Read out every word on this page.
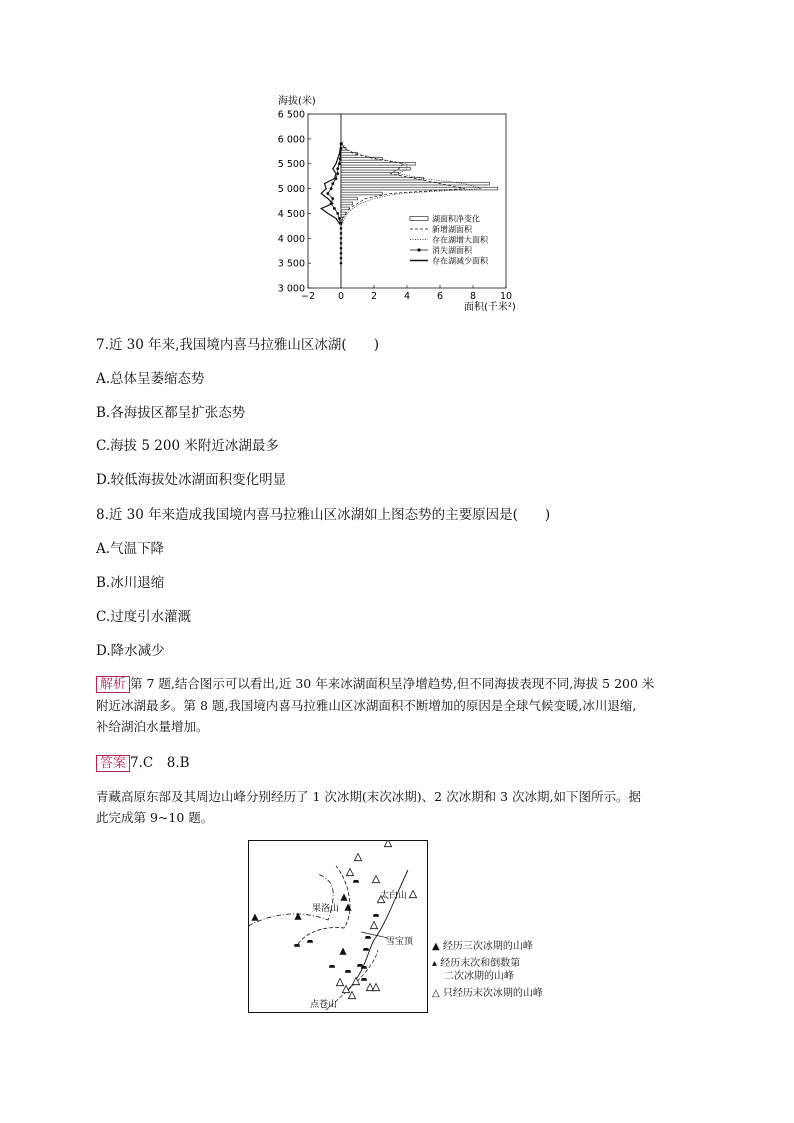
海拔(米)
面积(千米²)
3 000
3 500
4 000
4 500
5 000
5 500
6 000
6 500
−2 0	2	4	6	8	10
湖面积净变化
新增湖面积
存在湖增大面积
消失湖面积
存在湖减少面积
7.近 30 年来,我国境内喜马拉雅山区冰湖(　　)
A.总体呈萎缩态势
B.各海拔区都呈扩张态势
C.海拔 5 200 米附近冰湖最多
D.较低海拔处冰湖面积变化明显
8.近 30 年来造成我国境内喜马拉雅山区冰湖如上图态势的主要原因是(　　)
A.气温下降
B.冰川退缩
C.过度引水灌溉
D.降水减少
解析 第 7 题,结合图示可以看出,近 30 年来冰湖面积呈净增趋势,但不同海拔表现不同,海拔 5 200 米
附近冰湖最多。第 8 题,我国境内喜马拉雅山区冰湖面积不断增加的原因是全球气候变暖,冰川退缩,
补给湖泊水量增加。
答案 7.C　8.B
青藏高原东部及其周边山峰分别经历了 1 次冰期(末次冰期)、2 次冰期和 3 次冰期,如下图所示。据
此完成第 9~10 题。
果洛山
太白山
雪宝顶
点苍山
▲ 经历三次冰期的山峰
▴ 经历末次和倒数第
二次冰期的山峰
△ 只经历末次冰期的山峰
